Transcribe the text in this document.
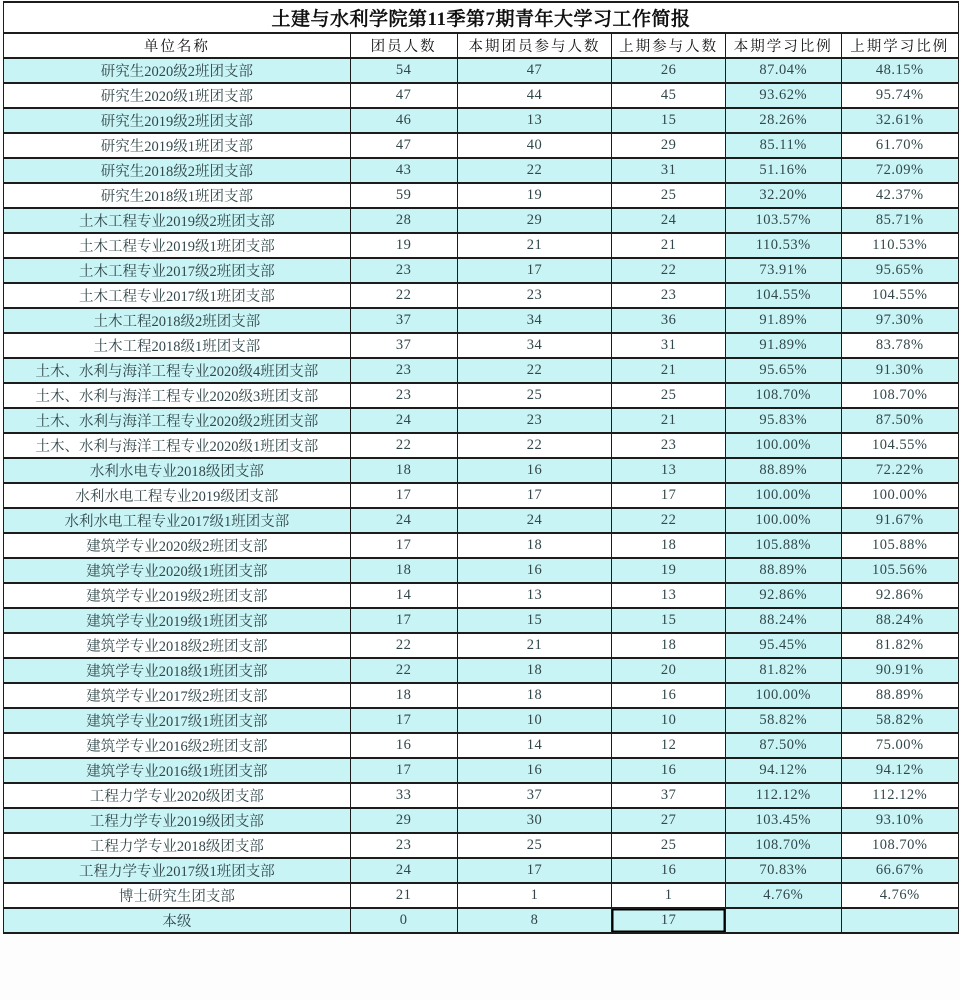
土建与水利学院第11季第7期青年大学习工作简报					
单位名称	团员人数	本期团员参与人数	上期参与人数	本期学习比例	上期学习比例
研究生2020级2班团支部	54	47	26	87.04%	48.15%
研究生2020级1班团支部	47	44	45	93.62%	95.74%
研究生2019级2班团支部	46	13	15	28.26%	32.61%
研究生2019级1班团支部	47	40	29	85.11%	61.70%
研究生2018级2班团支部	43	22	31	51.16%	72.09%
研究生2018级1班团支部	59	19	25	32.20%	42.37%
土木工程专业2019级2班团支部	28	29	24	103.57%	85.71%
土木工程专业2019级1班团支部	19	21	21	110.53%	110.53%
土木工程专业2017级2班团支部	23	17	22	73.91%	95.65%
土木工程专业2017级1班团支部	22	23	23	104.55%	104.55%
土木工程2018级2班团支部	37	34	36	91.89%	97.30%
土木工程2018级1班团支部	37	34	31	91.89%	83.78%
土木、水利与海洋工程专业2020级4班团支部	23	22	21	95.65%	91.30%
土木、水利与海洋工程专业2020级3班团支部	23	25	25	108.70%	108.70%
土木、水利与海洋工程专业2020级2班团支部	24	23	21	95.83%	87.50%
土木、水利与海洋工程专业2020级1班团支部	22	22	23	100.00%	104.55%
水利水电专业2018级团支部	18	16	13	88.89%	72.22%
水利水电工程专业2019级团支部	17	17	17	100.00%	100.00%
水利水电工程专业2017级1班团支部	24	24	22	100.00%	91.67%
建筑学专业2020级2班团支部	17	18	18	105.88%	105.88%
建筑学专业2020级1班团支部	18	16	19	88.89%	105.56%
建筑学专业2019级2班团支部	14	13	13	92.86%	92.86%
建筑学专业2019级1班团支部	17	15	15	88.24%	88.24%
建筑学专业2018级2班团支部	22	21	18	95.45%	81.82%
建筑学专业2018级1班团支部	22	18	20	81.82%	90.91%
建筑学专业2017级2班团支部	18	18	16	100.00%	88.89%
建筑学专业2017级1班团支部	17	10	10	58.82%	58.82%
建筑学专业2016级2班团支部	16	14	12	87.50%	75.00%
建筑学专业2016级1班团支部	17	16	16	94.12%	94.12%
工程力学专业2020级团支部	33	37	37	112.12%	112.12%
工程力学专业2019级团支部	29	30	27	103.45%	93.10%
工程力学专业2018级团支部	23	25	25	108.70%	108.70%
工程力学专业2017级1班团支部	24	17	16	70.83%	66.67%
博士研究生团支部	21	1	1	4.76%	4.76%
本级	0	8	17		
